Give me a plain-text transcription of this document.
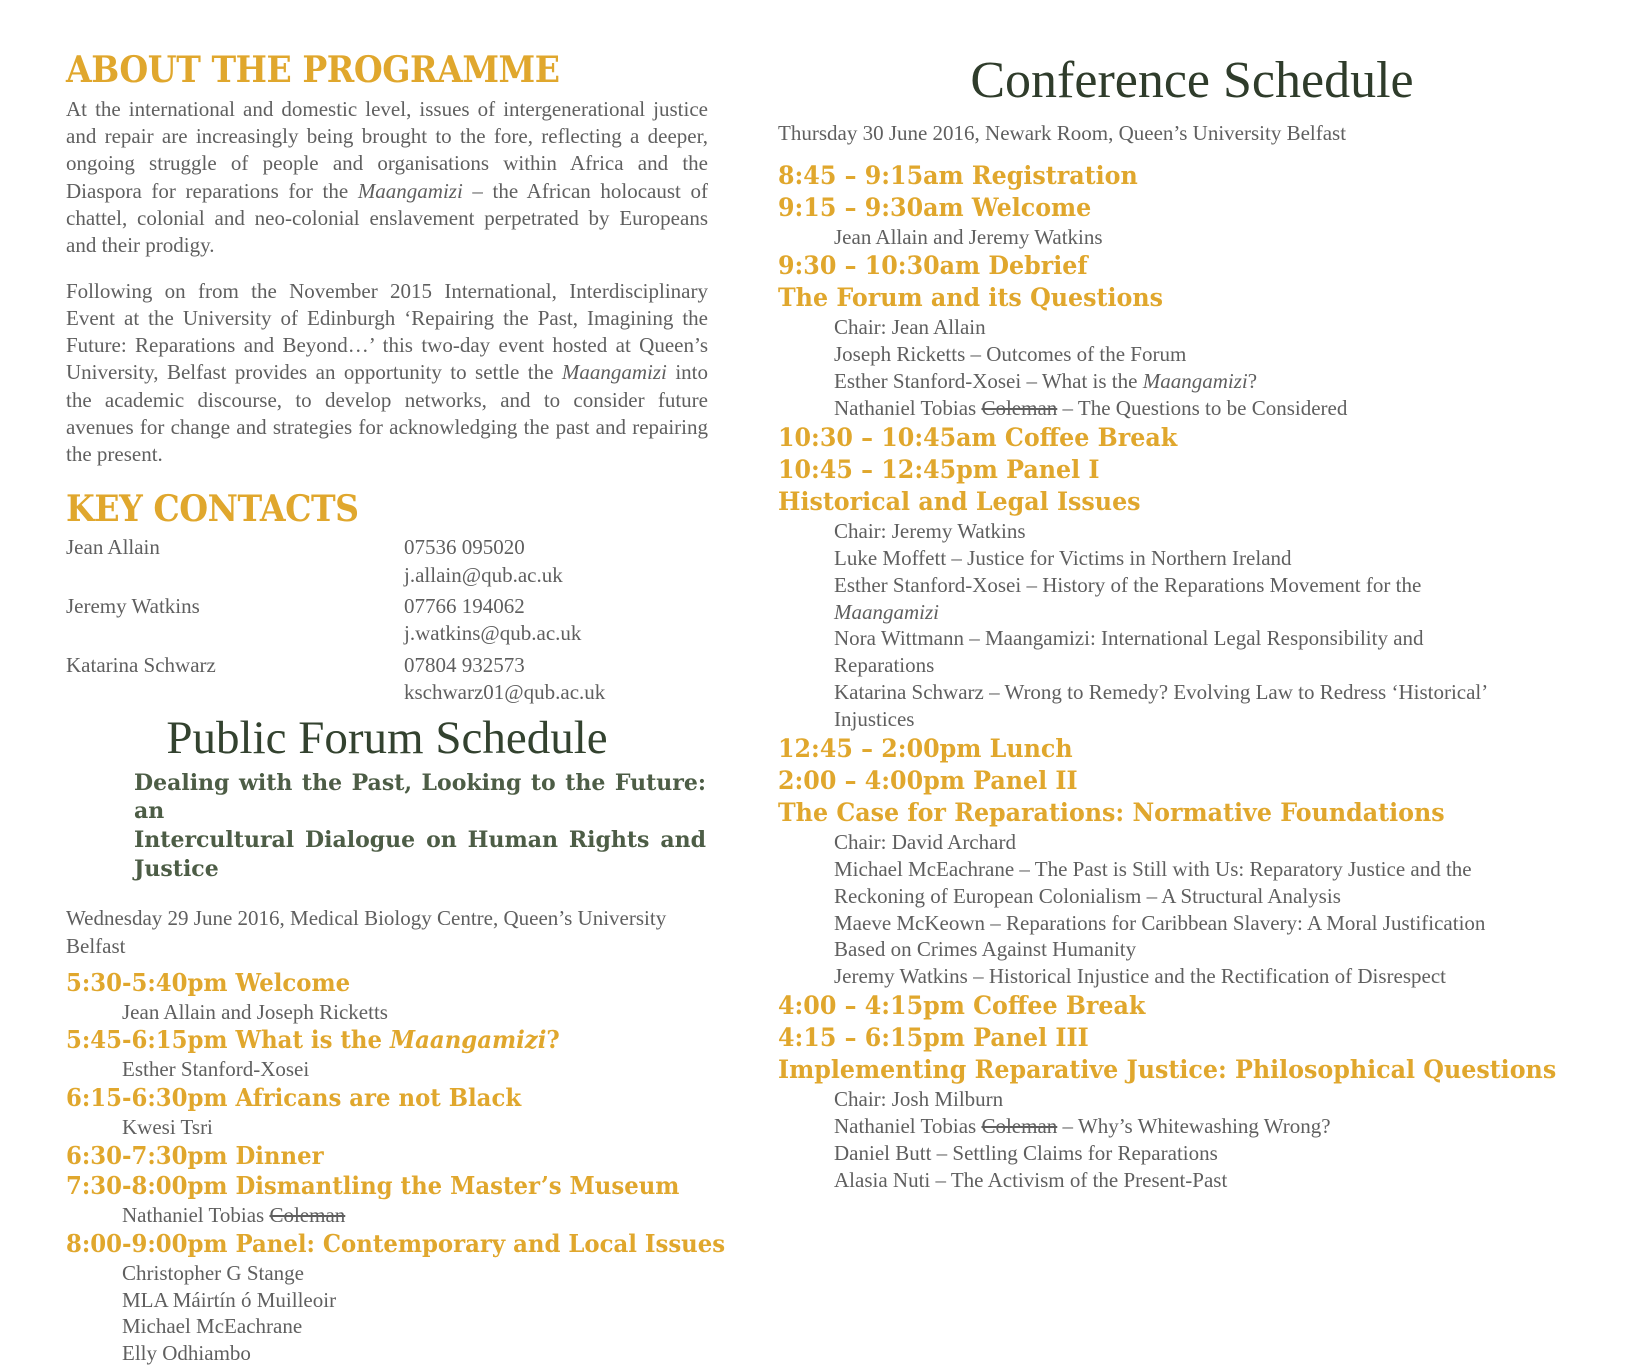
ABOUT THE PROGRAMME

At the international and domestic level, issues of intergenerational justice and repair are increasingly being brought to the fore, reflecting a deeper, ongoing struggle of people and organisations within Africa and the Diaspora for reparations for the Maangamizi – the African holocaust of chattel, colonial and neo-colonial enslavement perpetrated by Europeans and their prodigy.

Following on from the November 2015 International, Interdisciplinary Event at the University of Edinburgh ‘Repairing the Past, Imagining the Future: Reparations and Beyond…’ this two-day event hosted at Queen’s University, Belfast provides an opportunity to settle the Maangamizi into the academic discourse, to develop networks, and to consider future avenues for change and strategies for acknowledging the past and repairing the present.

KEY CONTACTS
Jean Allain	07536 095020
j.allain@qub.ac.uk
Jeremy Watkins	07766 194062
j.watkins@qub.ac.uk
Katarina Schwarz	07804 932573
kschwarz01@qub.ac.uk
Public Forum Schedule
Dealing with the Past, Looking to the Future: an
Intercultural Dialogue on Human Rights and Justice
Wednesday 29 June 2016, Medical Biology Centre, Queen’s University Belfast
5:30-5:40pm Welcome
Jean Allain and Joseph Ricketts
5:45-6:15pm What is the Maangamizi?
Esther Stanford-Xosei
6:15-6:30pm Africans are not Black
Kwesi Tsri
6:30-7:30pm Dinner
7:30-8:00pm Dismantling the Master’s Museum
Nathaniel Tobias Coleman
8:00-9:00pm Panel: Contemporary and Local Issues
Christopher G Stange
MLA Máirtín ó Muilleoir
Michael McEachrane
Elly Odhiambo
Conference Schedule
Thursday 30 June 2016, Newark Room, Queen’s University Belfast
8:45 – 9:15am Registration
9:15 – 9:30am Welcome
Jean Allain and Jeremy Watkins
9:30 – 10:30am Debrief
The Forum and its Questions
Chair: Jean Allain
Joseph Ricketts – Outcomes of the Forum
Esther Stanford-Xosei – What is the Maangamizi?
Nathaniel Tobias Coleman – The Questions to be Considered
10:30 – 10:45am Coffee Break
10:45 – 12:45pm Panel I
Historical and Legal Issues
Chair: Jeremy Watkins
Luke Moffett – Justice for Victims in Northern Ireland
Esther Stanford-Xosei – History of the Reparations Movement for the Maangamizi
Nora Wittmann – Maangamizi: International Legal Responsibility and Reparations
Katarina Schwarz – Wrong to Remedy? Evolving Law to Redress ‘Historical’ Injustices
12:45 – 2:00pm Lunch
2:00 – 4:00pm Panel II
The Case for Reparations: Normative Foundations
Chair: David Archard
Michael McEachrane – The Past is Still with Us: Reparatory Justice and the Reckoning of European Colonialism – A Structural Analysis
Maeve McKeown – Reparations for Caribbean Slavery: A Moral Justification Based on Crimes Against Humanity
Jeremy Watkins – Historical Injustice and the Rectification of Disrespect
4:00 – 4:15pm Coffee Break
4:15 – 6:15pm Panel III
Implementing Reparative Justice: Philosophical Questions
Chair: Josh Milburn
Nathaniel Tobias Coleman – Why’s Whitewashing Wrong?
Daniel Butt – Settling Claims for Reparations
Alasia Nuti – The Activism of the Present-Past
